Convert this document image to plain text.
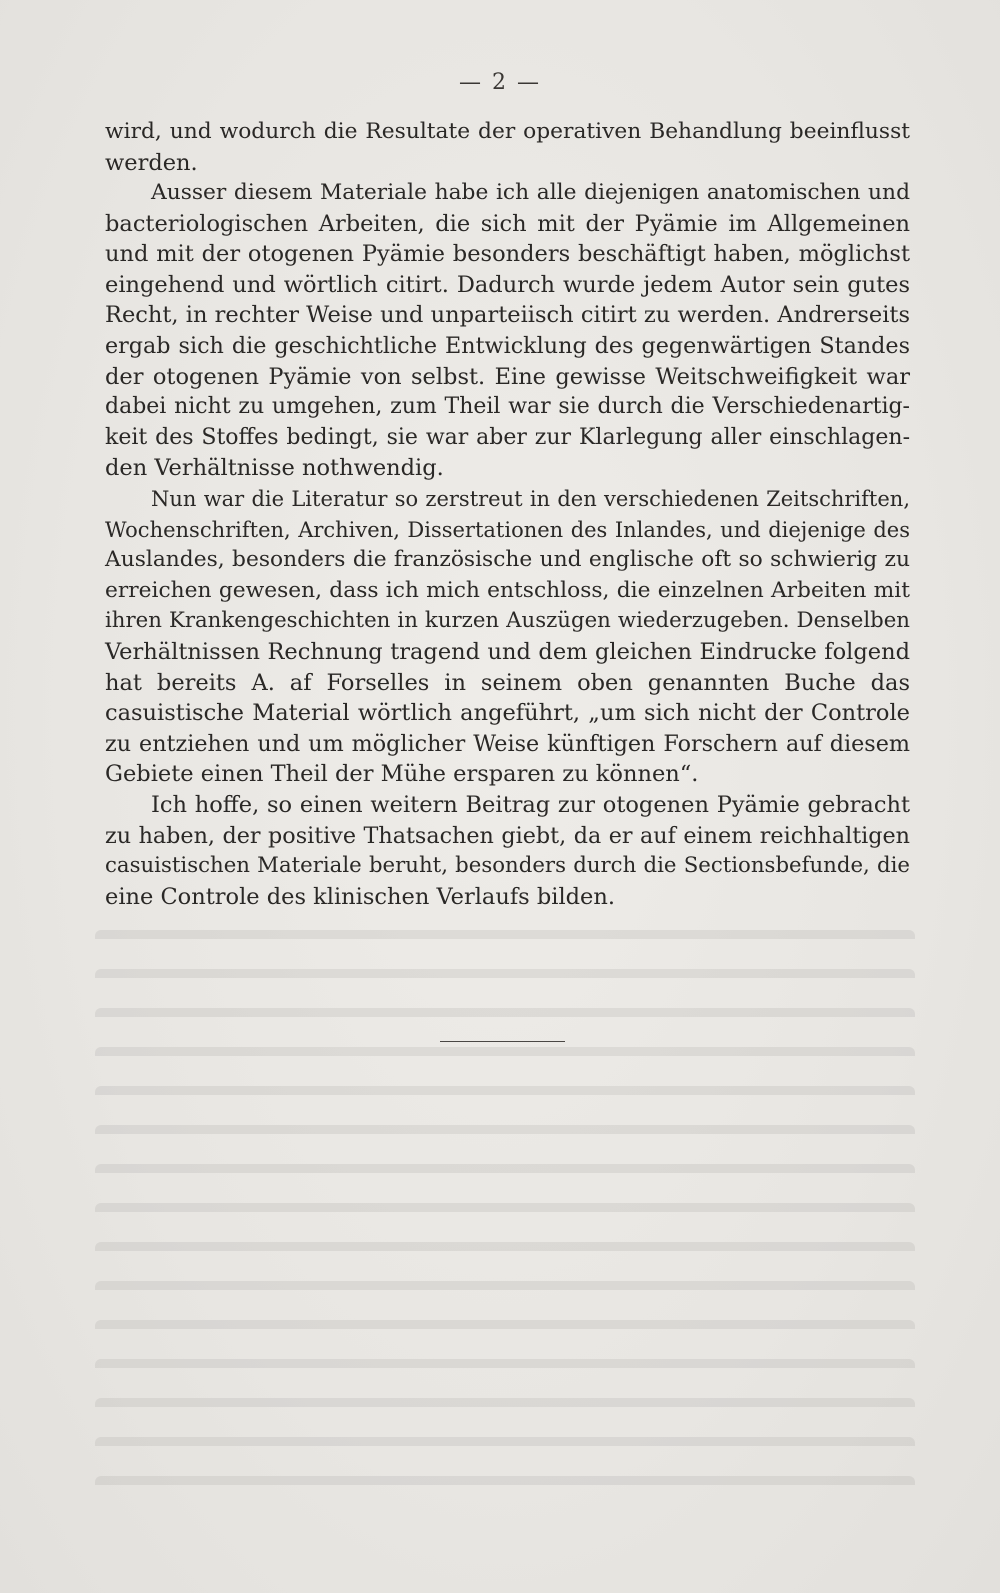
— 2 —
wird, und wodurch die Resultate der operativen Behandlung beeinflusst
werden.
Ausser diesem Materiale habe ich alle diejenigen anatomischen und
bacteriologischen Arbeiten, die sich mit der Pyämie im Allgemeinen
und mit der otogenen Pyämie besonders beschäftigt haben, möglichst
eingehend und wörtlich citirt. Dadurch wurde jedem Autor sein gutes
Recht, in rechter Weise und unparteiisch citirt zu werden. Andrerseits
ergab sich die geschichtliche Entwicklung des gegenwärtigen Standes
der otogenen Pyämie von selbst. Eine gewisse Weitschweifigkeit war
dabei nicht zu umgehen, zum Theil war sie durch die Verschiedenartig-
keit des Stoffes bedingt, sie war aber zur Klarlegung aller einschlagen-
den Verhältnisse nothwendig.
Nun war die Literatur so zerstreut in den verschiedenen Zeitschriften,
Wochenschriften, Archiven, Dissertationen des Inlandes, und diejenige des
Auslandes, besonders die französische und englische oft so schwierig zu
erreichen gewesen, dass ich mich entschloss, die einzelnen Arbeiten mit
ihren Krankengeschichten in kurzen Auszügen wiederzugeben. Denselben
Verhältnissen Rechnung tragend und dem gleichen Eindrucke folgend
hat bereits A. af Forselles in seinem oben genannten Buche das
casuistische Material wörtlich angeführt, „um sich nicht der Controle
zu entziehen und um möglicher Weise künftigen Forschern auf diesem
Gebiete einen Theil der Mühe ersparen zu können“.
Ich hoffe, so einen weitern Beitrag zur otogenen Pyämie gebracht
zu haben, der positive Thatsachen giebt, da er auf einem reichhaltigen
casuistischen Materiale beruht, besonders durch die Sectionsbefunde, die
eine Controle des klinischen Verlaufs bilden.
